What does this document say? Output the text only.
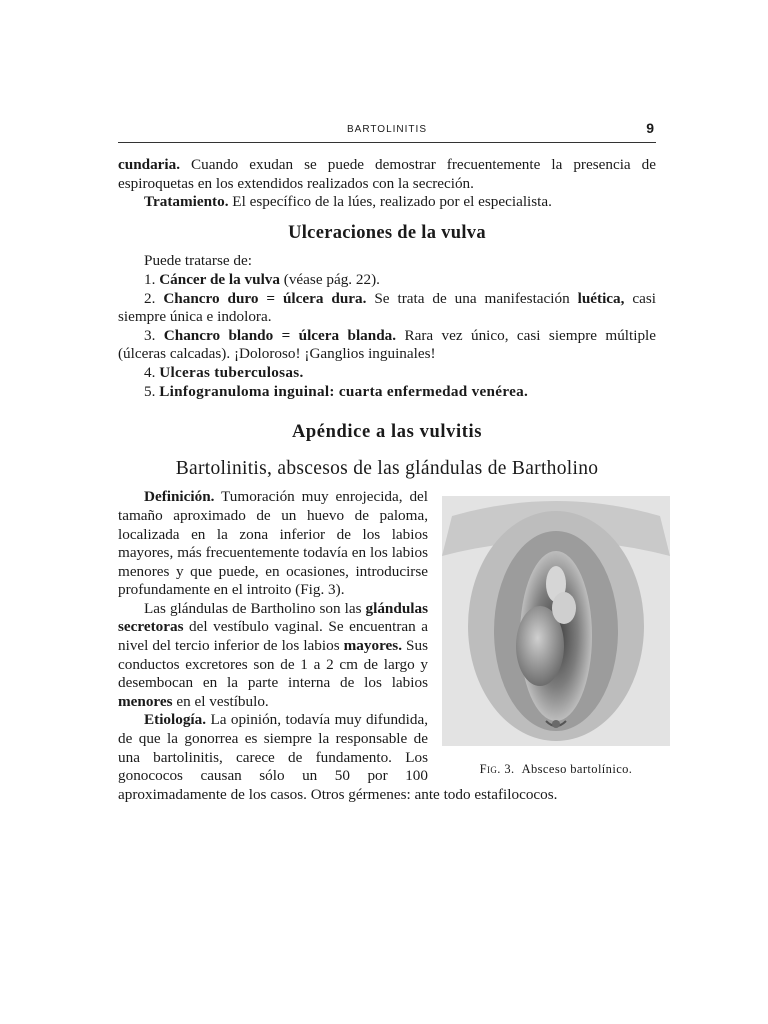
BARTOLINITIS	9

cundaria. Cuando exudan se puede demostrar frecuentemente la presencia de espiroquetas en los extendidos realizados con la secreción.

Tratamiento. El específico de la lúes, realizado por el especialista.

Ulceraciones de la vulva

Puede tratarse de:

1. Cáncer de la vulva (véase pág. 22).

2. Chancro duro = úlcera dura. Se trata de una manifestación luética, casi siempre única e indolora.

3. Chancro blando = úlcera blanda. Rara vez único, casi siempre múltiple (úlceras calcadas). ¡Doloroso! ¡Ganglios inguinales!

4. Ulceras tuberculosas.

5. Linfogranuloma inguinal: cuarta enfermedad venérea.

Apéndice a las vulvitis
Bartolinitis, abscesos de las glándulas de Bartholino
Fig. 3. Absceso bartolínico.

Definición. Tumoración muy enrojecida, del tamaño aproximado de un huevo de paloma, localizada en la zona inferior de los labios mayores, más frecuentemente todavía en los labios menores y que puede, en ocasiones, introducirse profundamente en el introito (Fig. 3).

Las glándulas de Bartholino son las glándulas secretoras del vestíbulo vaginal. Se encuentran a nivel del tercio inferior de los labios mayores. Sus conductos excretores son de 1 a 2 cm de largo y desembocan en la parte interna de los labios menores en el vestíbulo.

Etiología. La opinión, todavía muy difundida, de que la gonorrea es siempre la responsable de una bartolinitis, carece de fundamento. Los gonococos causan sólo un 50 por 100 aproximadamente de los casos. Otros gérmenes: ante todo estafilococos.
